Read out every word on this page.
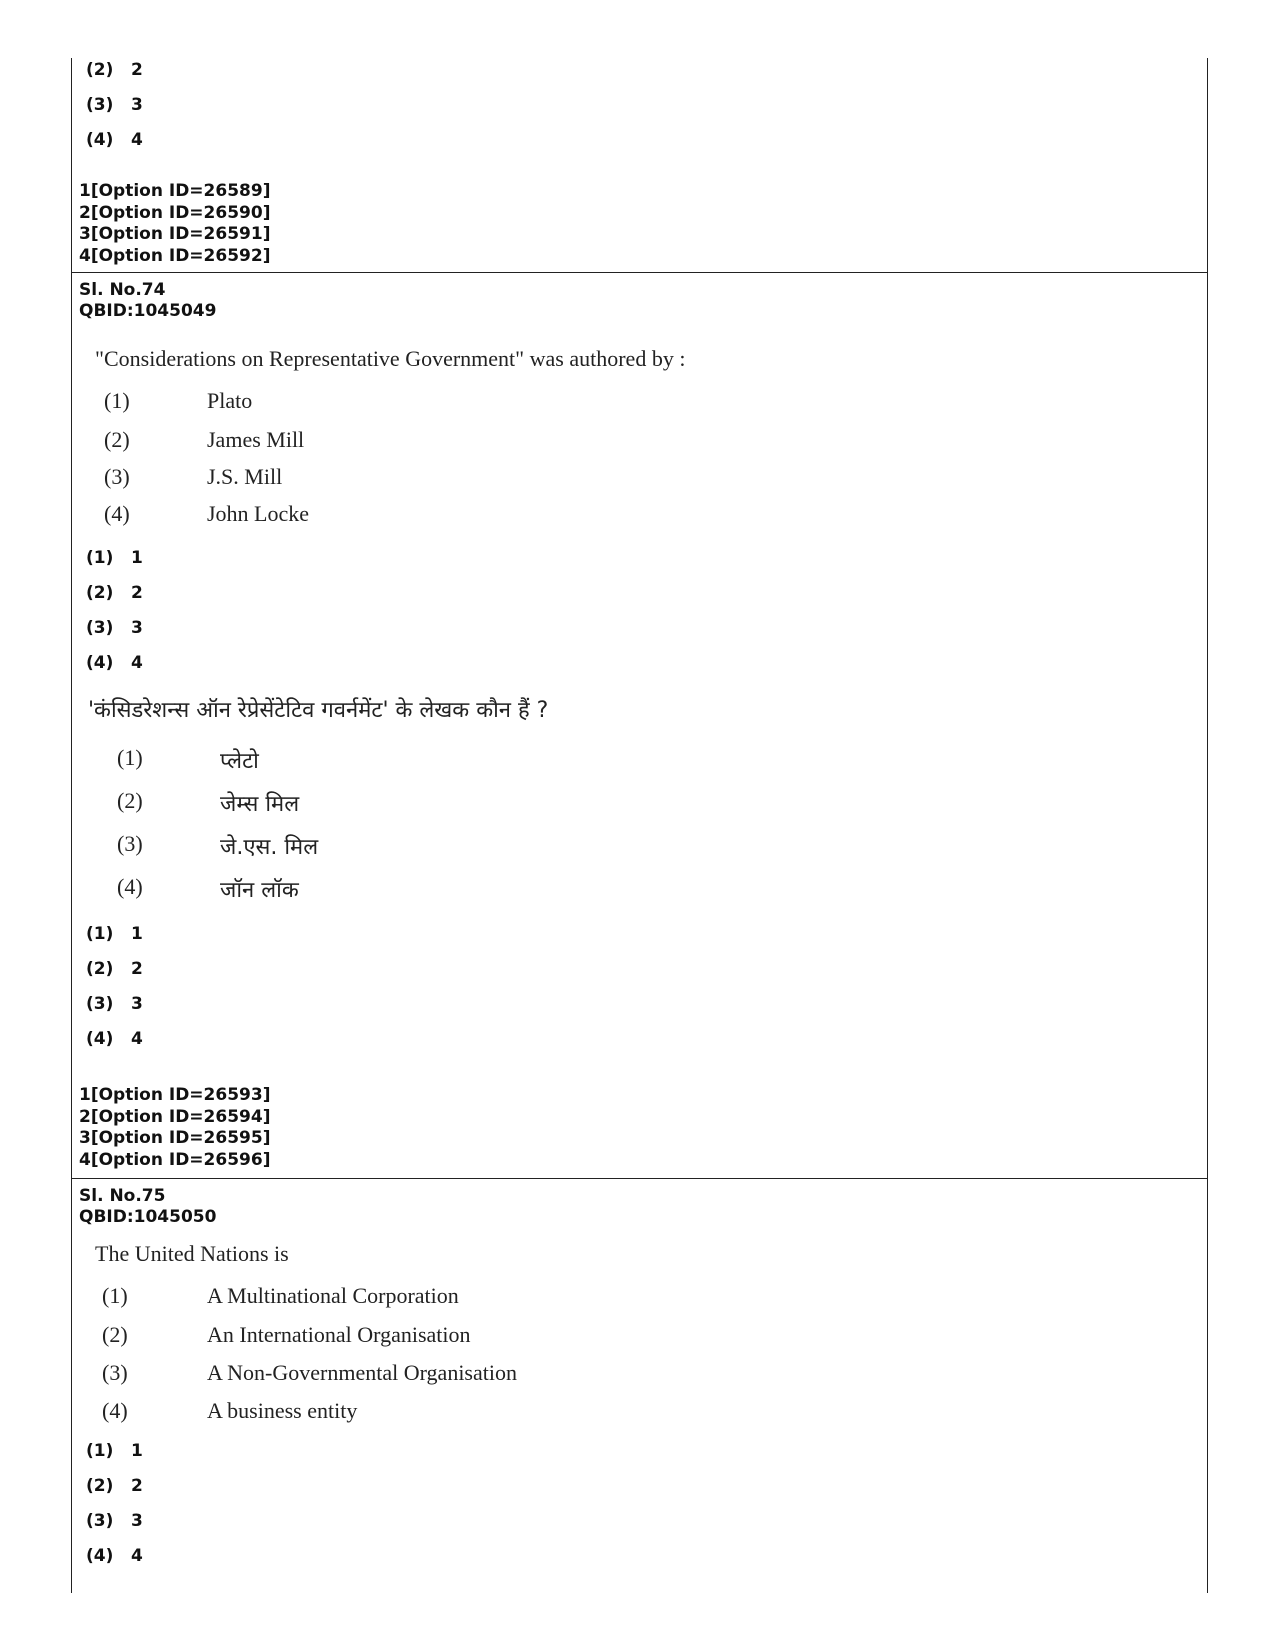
(2) 2
(3) 3
(4) 4
1[Option ID=26589]
2[Option ID=26590]
3[Option ID=26591]
4[Option ID=26592]
Sl. No.74
QBID:1045049
"Considerations on Representative Government" was authored by :
(1)	Plato
(2)	James Mill
(3)	J.S. Mill
(4)	John Locke
(1) 1
(2) 2
(3) 3
(4) 4
'कंसिडरेशन्स ऑन रेप्रेसेंटेटिव गवर्नमेंट' के लेखक कौन हैं ?
(1)	प्लेटो
(2)	जेम्स मिल
(3)	जे.एस. मिल
(4)	जॉन लॉक
(1) 1
(2) 2
(3) 3
(4) 4
1[Option ID=26593]
2[Option ID=26594]
3[Option ID=26595]
4[Option ID=26596]
Sl. No.75
QBID:1045050
The United Nations is
(1)	A Multinational Corporation
(2)	An International Organisation
(3)	A Non-Governmental Organisation
(4)	A business entity
(1) 1
(2) 2
(3) 3
(4) 4
